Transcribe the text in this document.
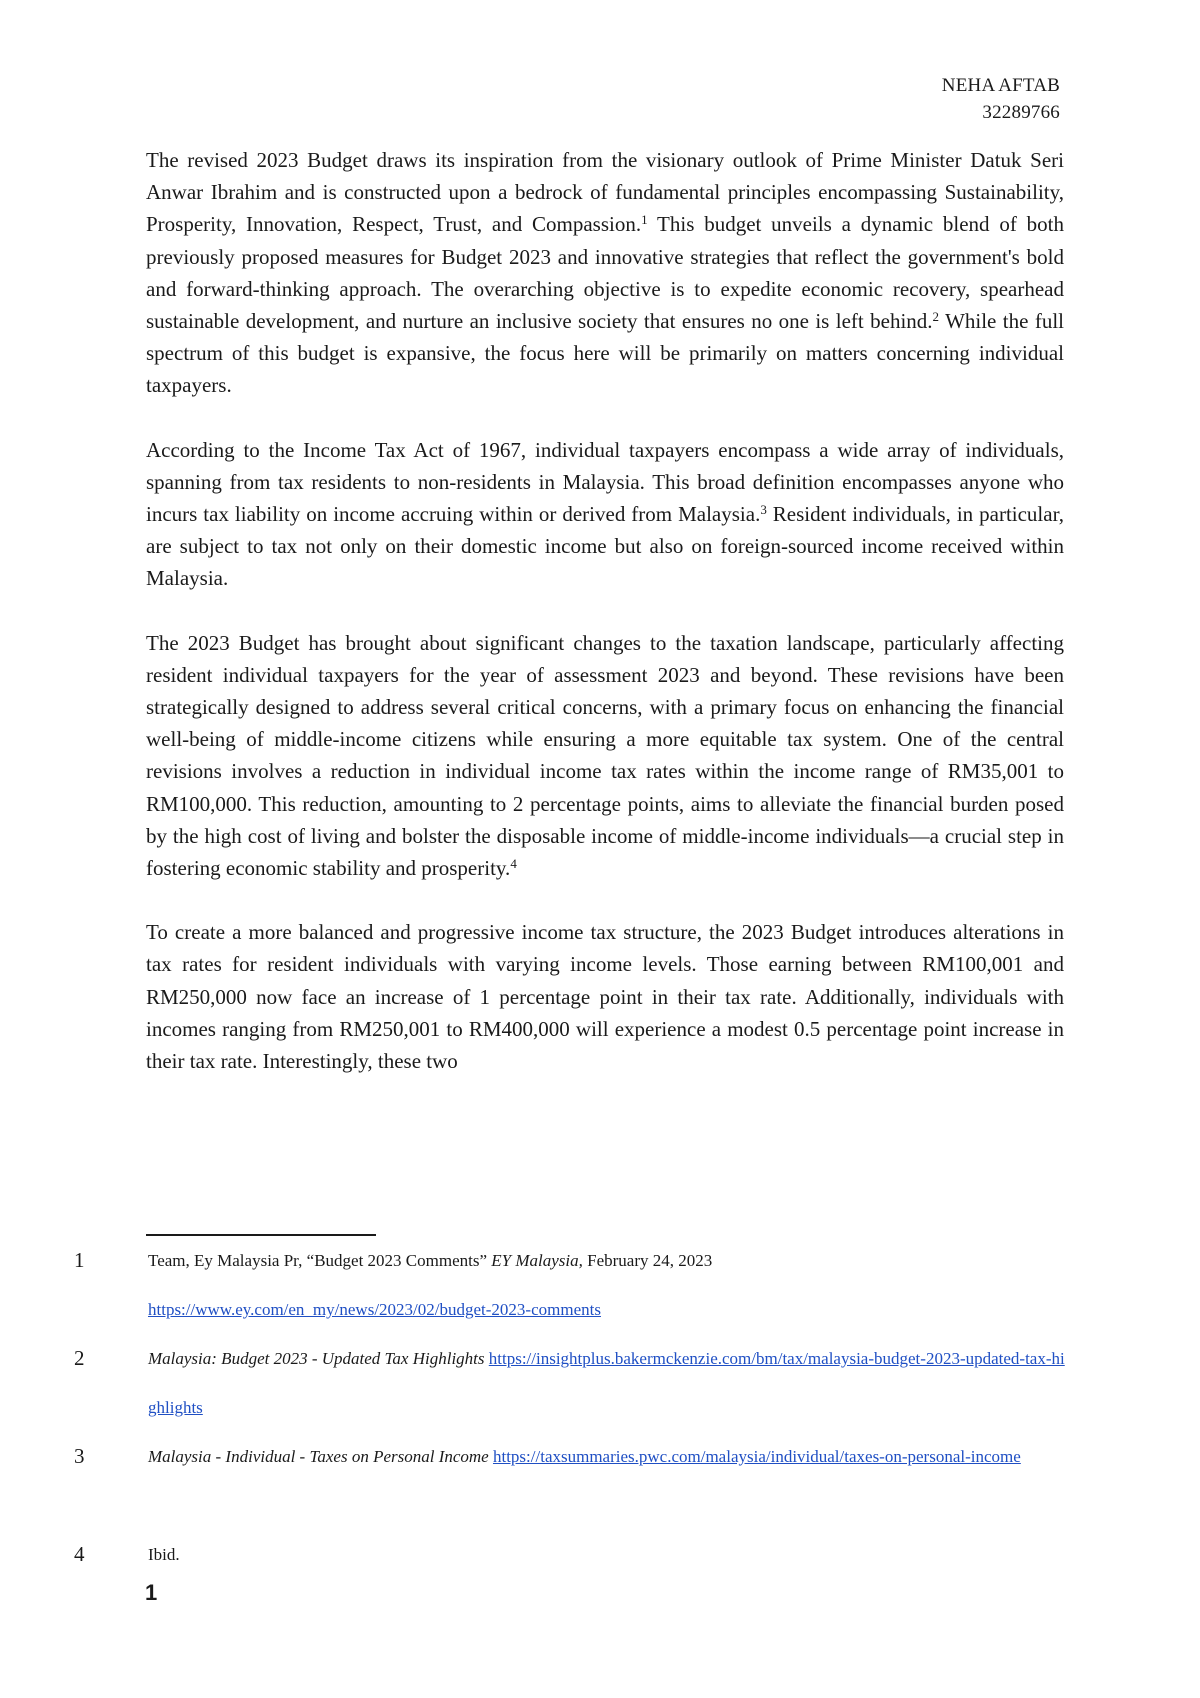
NEHA AFTAB
32289766

The revised 2023 Budget draws its inspiration from the visionary outlook of Prime Minister Datuk Seri Anwar Ibrahim and is constructed upon a bedrock of fundamental principles encompassing Sustainability, Prosperity, Innovation, Respect, Trust, and Compassion.$^1$ This budget unveils a dynamic blend of both previously proposed measures for Budget 2023 and innovative strategies that reflect the government's bold and forward-thinking approach. The overarching objective is to expedite economic recovery, spearhead sustainable development, and nurture an inclusive society that ensures no one is left behind.$^2$ While the full spectrum of this budget is expansive, the focus here will be primarily on matters concerning individual taxpayers.

According to the Income Tax Act of 1967, individual taxpayers encompass a wide array of individuals, spanning from tax residents to non-residents in Malaysia. This broad definition encompasses anyone who incurs tax liability on income accruing within or derived from Malaysia.$^3$ Resident individuals, in particular, are subject to tax not only on their domestic income but also on foreign-sourced income received within Malaysia.

The 2023 Budget has brought about significant changes to the taxation landscape, particularly affecting resident individual taxpayers for the year of assessment 2023 and beyond. These revisions have been strategically designed to address several critical concerns, with a primary focus on enhancing the financial well-being of middle-income citizens while ensuring a more equitable tax system. One of the central revisions involves a reduction in individual income tax rates within the income range of RM35,001 to RM100,000. This reduction, amounting to 2 percentage points, aims to alleviate the financial burden posed by the high cost of living and bolster the disposable income of middle-income individuals—a crucial step in fostering economic stability and prosperity.$^4$

To create a more balanced and progressive income tax structure, the 2023 Budget introduces alterations in tax rates for resident individuals with varying income levels. Those earning between RM100,001 and RM250,000 now face an increase of 1 percentage point in their tax rate. Additionally, individuals with incomes ranging from RM250,001 to RM400,000 will experience a modest 0.5 percentage point increase in their tax rate. Interestingly, these two

1	Team, Ey Malaysia Pr, “Budget 2023 Comments” EY Malaysia, February 24, 2023
https://www.ey.com/en_my/news/2023/02/budget-2023-comments
2	Malaysia: Budget 2023 - Updated Tax Highlights https://insightplus.bakermckenzie.com/bm/tax/malaysia-budget-2023-updated-tax-highlights
3	Malaysia - Individual - Taxes on Personal Income https://taxsummaries.pwc.com/malaysia/individual/taxes-on-personal-income
4	Ibid.
1
